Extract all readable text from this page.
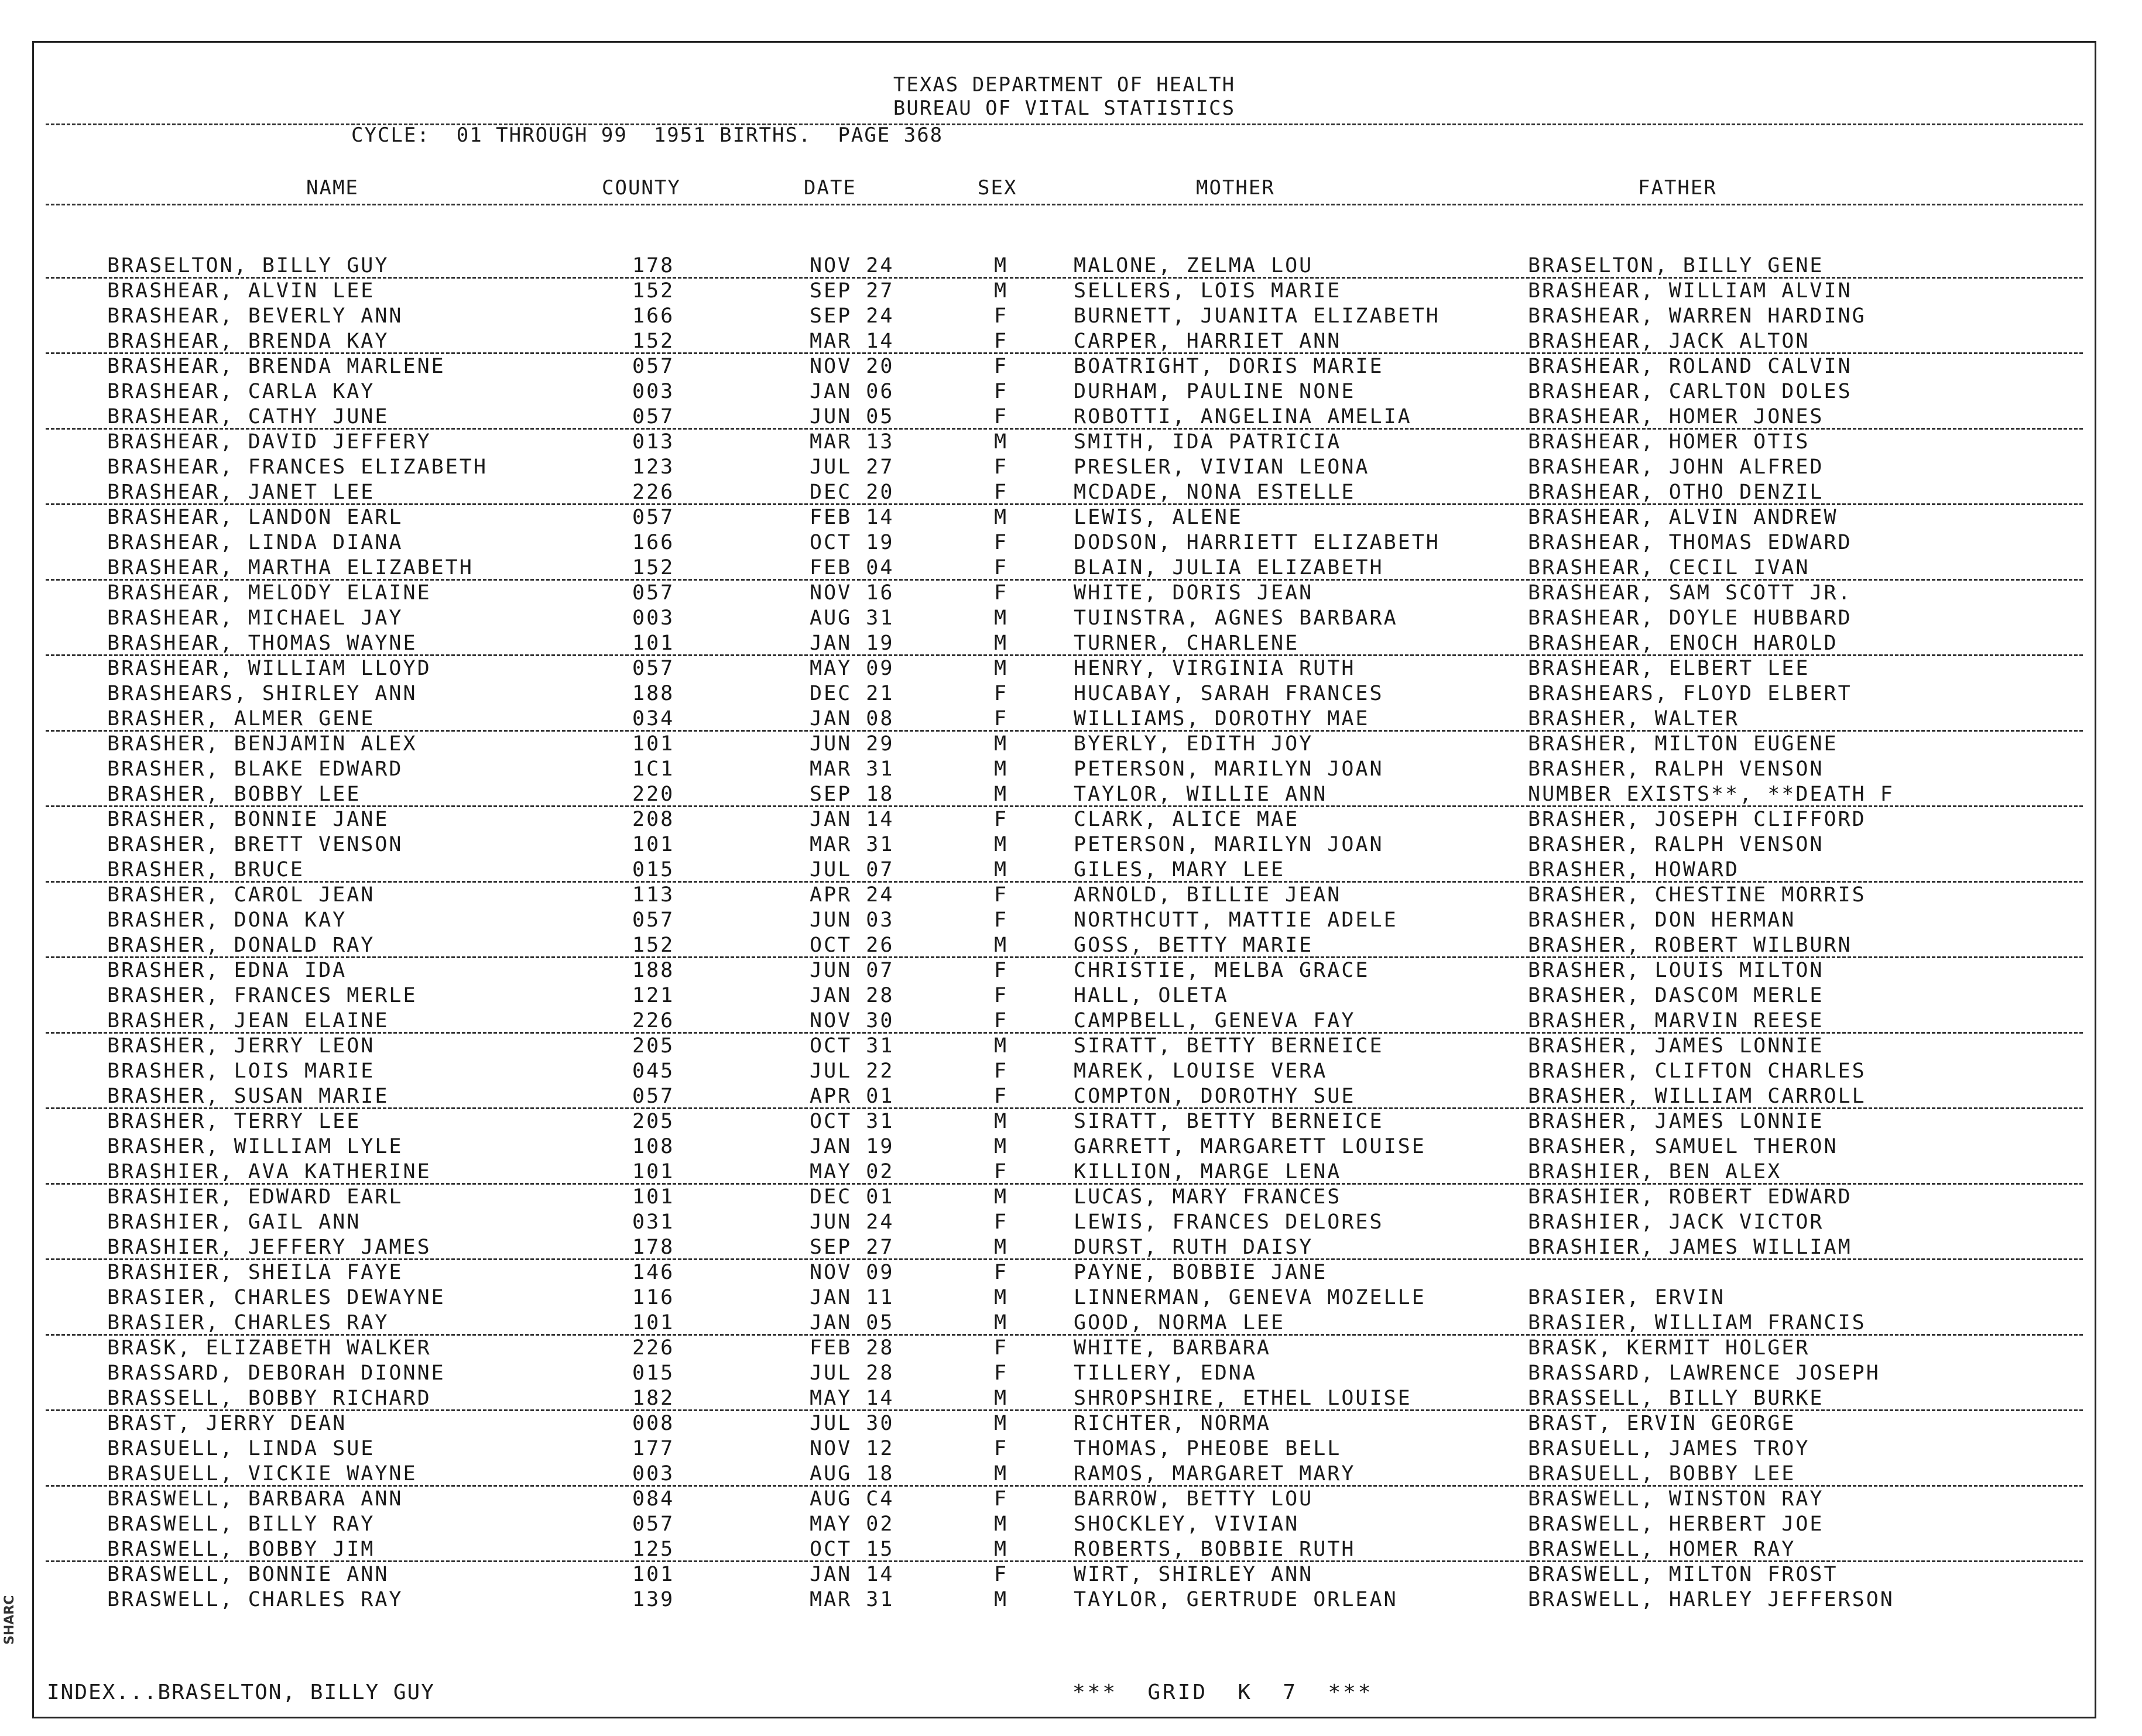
TEXAS DEPARTMENT OF HEALTH
BUREAU OF VITAL STATISTICS
CYCLE:  01 THROUGH 99  1951 BIRTHS.  PAGE 368
NAME	COUNTY	DATE	SEX	MOTHER	FATHER
BRASELTON, BILLY GUY	178	NOV 24	M	MALONE, ZELMA LOU	BRASELTON, BILLY GENE
BRASHEAR, ALVIN LEE	152	SEP 27	M	SELLERS, LOIS MARIE	BRASHEAR, WILLIAM ALVIN
BRASHEAR, BEVERLY ANN	166	SEP 24	F	BURNETT, JUANITA ELIZABETH	BRASHEAR, WARREN HARDING
BRASHEAR, BRENDA KAY	152	MAR 14	F	CARPER, HARRIET ANN	BRASHEAR, JACK ALTON
BRASHEAR, BRENDA MARLENE	057	NOV 20	F	BOATRIGHT, DORIS MARIE	BRASHEAR, ROLAND CALVIN
BRASHEAR, CARLA KAY	003	JAN 06	F	DURHAM, PAULINE NONE	BRASHEAR, CARLTON DOLES
BRASHEAR, CATHY JUNE	057	JUN 05	F	ROBOTTI, ANGELINA AMELIA	BRASHEAR, HOMER JONES
BRASHEAR, DAVID JEFFERY	013	MAR 13	M	SMITH, IDA PATRICIA	BRASHEAR, HOMER OTIS
BRASHEAR, FRANCES ELIZABETH	123	JUL 27	F	PRESLER, VIVIAN LEONA	BRASHEAR, JOHN ALFRED
BRASHEAR, JANET LEE	226	DEC 20	F	MCDADE, NONA ESTELLE	BRASHEAR, OTHO DENZIL
BRASHEAR, LANDON EARL	057	FEB 14	M	LEWIS, ALENE	BRASHEAR, ALVIN ANDREW
BRASHEAR, LINDA DIANA	166	OCT 19	F	DODSON, HARRIETT ELIZABETH	BRASHEAR, THOMAS EDWARD
BRASHEAR, MARTHA ELIZABETH	152	FEB 04	F	BLAIN, JULIA ELIZABETH	BRASHEAR, CECIL IVAN
BRASHEAR, MELODY ELAINE	057	NOV 16	F	WHITE, DORIS JEAN	BRASHEAR, SAM SCOTT JR.
BRASHEAR, MICHAEL JAY	003	AUG 31	M	TUINSTRA, AGNES BARBARA	BRASHEAR, DOYLE HUBBARD
BRASHEAR, THOMAS WAYNE	101	JAN 19	M	TURNER, CHARLENE	BRASHEAR, ENOCH HAROLD
BRASHEAR, WILLIAM LLOYD	057	MAY 09	M	HENRY, VIRGINIA RUTH	BRASHEAR, ELBERT LEE
BRASHEARS, SHIRLEY ANN	188	DEC 21	F	HUCABAY, SARAH FRANCES	BRASHEARS, FLOYD ELBERT
BRASHER, ALMER GENE	034	JAN 08	F	WILLIAMS, DOROTHY MAE	BRASHER, WALTER
BRASHER, BENJAMIN ALEX	101	JUN 29	M	BYERLY, EDITH JOY	BRASHER, MILTON EUGENE
BRASHER, BLAKE EDWARD	1C1	MAR 31	M	PETERSON, MARILYN JOAN	BRASHER, RALPH VENSON
BRASHER, BOBBY LEE	220	SEP 18	M	TAYLOR, WILLIE ANN	NUMBER EXISTS**, **DEATH F
BRASHER, BONNIE JANE	208	JAN 14	F	CLARK, ALICE MAE	BRASHER, JOSEPH CLIFFORD
BRASHER, BRETT VENSON	101	MAR 31	M	PETERSON, MARILYN JOAN	BRASHER, RALPH VENSON
BRASHER, BRUCE	015	JUL 07	M	GILES, MARY LEE	BRASHER, HOWARD
BRASHER, CAROL JEAN	113	APR 24	F	ARNOLD, BILLIE JEAN	BRASHER, CHESTINE MORRIS
BRASHER, DONA KAY	057	JUN 03	F	NORTHCUTT, MATTIE ADELE	BRASHER, DON HERMAN
BRASHER, DONALD RAY	152	OCT 26	M	GOSS, BETTY MARIE	BRASHER, ROBERT WILBURN
BRASHER, EDNA IDA	188	JUN 07	F	CHRISTIE, MELBA GRACE	BRASHER, LOUIS MILTON
BRASHER, FRANCES MERLE	121	JAN 28	F	HALL, OLETA	BRASHER, DASCOM MERLE
BRASHER, JEAN ELAINE	226	NOV 30	F	CAMPBELL, GENEVA FAY	BRASHER, MARVIN REESE
BRASHER, JERRY LEON	205	OCT 31	M	SIRATT, BETTY BERNEICE	BRASHER, JAMES LONNIE
BRASHER, LOIS MARIE	045	JUL 22	F	MAREK, LOUISE VERA	BRASHER, CLIFTON CHARLES
BRASHER, SUSAN MARIE	057	APR 01	F	COMPTON, DOROTHY SUE	BRASHER, WILLIAM CARROLL
BRASHER, TERRY LEE	205	OCT 31	M	SIRATT, BETTY BERNEICE	BRASHER, JAMES LONNIE
BRASHER, WILLIAM LYLE	108	JAN 19	M	GARRETT, MARGARETT LOUISE	BRASHER, SAMUEL THERON
BRASHIER, AVA KATHERINE	101	MAY 02	F	KILLION, MARGE LENA	BRASHIER, BEN ALEX
BRASHIER, EDWARD EARL	101	DEC 01	M	LUCAS, MARY FRANCES	BRASHIER, ROBERT EDWARD
BRASHIER, GAIL ANN	031	JUN 24	F	LEWIS, FRANCES DELORES	BRASHIER, JACK VICTOR
BRASHIER, JEFFERY JAMES	178	SEP 27	M	DURST, RUTH DAISY	BRASHIER, JAMES WILLIAM
BRASHIER, SHEILA FAYE	146	NOV 09	F	PAYNE, BOBBIE JANE
BRASIER, CHARLES DEWAYNE	116	JAN 11	M	LINNERMAN, GENEVA MOZELLE	BRASIER, ERVIN
BRASIER, CHARLES RAY	101	JAN 05	M	GOOD, NORMA LEE	BRASIER, WILLIAM FRANCIS
BRASK, ELIZABETH WALKER	226	FEB 28	F	WHITE, BARBARA	BRASK, KERMIT HOLGER
BRASSARD, DEBORAH DIONNE	015	JUL 28	F	TILLERY, EDNA	BRASSARD, LAWRENCE JOSEPH
BRASSELL, BOBBY RICHARD	182	MAY 14	M	SHROPSHIRE, ETHEL LOUISE	BRASSELL, BILLY BURKE
BRAST, JERRY DEAN	008	JUL 30	M	RICHTER, NORMA	BRAST, ERVIN GEORGE
BRASUELL, LINDA SUE	177	NOV 12	F	THOMAS, PHEOBE BELL	BRASUELL, JAMES TROY
BRASUELL, VICKIE WAYNE	003	AUG 18	M	RAMOS, MARGARET MARY	BRASUELL, BOBBY LEE
BRASWELL, BARBARA ANN	084	AUG C4	F	BARROW, BETTY LOU	BRASWELL, WINSTON RAY
BRASWELL, BILLY RAY	057	MAY 02	M	SHOCKLEY, VIVIAN	BRASWELL, HERBERT JOE
BRASWELL, BOBBY JIM	125	OCT 15	M	ROBERTS, BOBBIE RUTH	BRASWELL, HOMER RAY
BRASWELL, BONNIE ANN	101	JAN 14	F	WIRT, SHIRLEY ANN	BRASWELL, MILTON FROST
BRASWELL, CHARLES RAY	139	MAR 31	M	TAYLOR, GERTRUDE ORLEAN	BRASWELL, HARLEY JEFFERSON
INDEX...BRASELTON, BILLY GUY	***  GRID  K  7  ***
SHARC
